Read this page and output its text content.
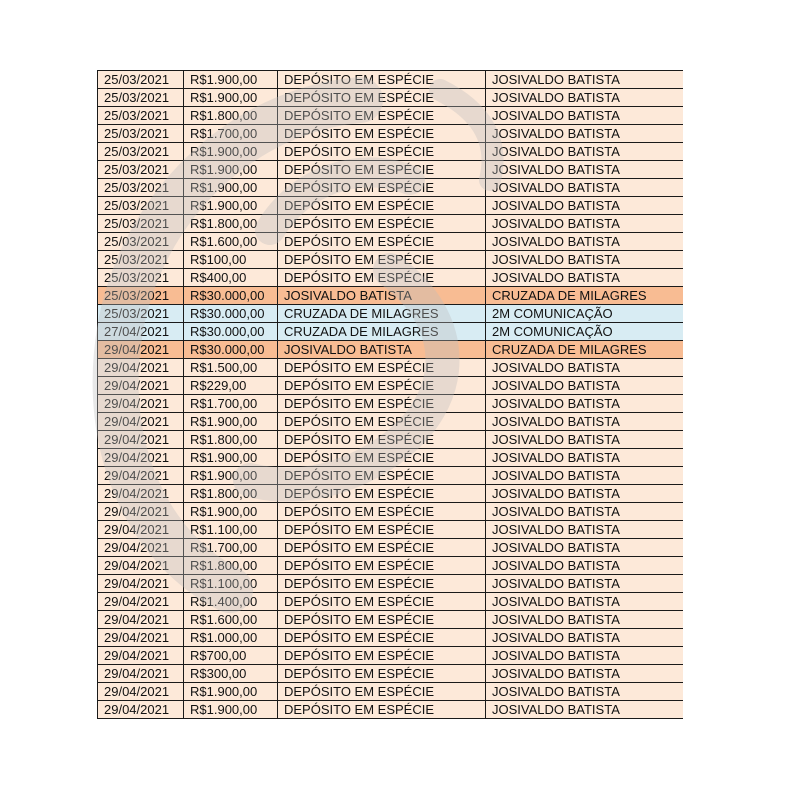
25/03/2021	R$1.900,00	DEPÓSITO EM ESPÉCIE	JOSIVALDO BATISTA
25/03/2021	R$1.900,00	DEPÓSITO EM ESPÉCIE	JOSIVALDO BATISTA
25/03/2021	R$1.800,00	DEPÓSITO EM ESPÉCIE	JOSIVALDO BATISTA
25/03/2021	R$1.700,00	DEPÓSITO EM ESPÉCIE	JOSIVALDO BATISTA
25/03/2021	R$1.900,00	DEPÓSITO EM ESPÉCIE	JOSIVALDO BATISTA
25/03/2021	R$1.900,00	DEPÓSITO EM ESPÉCIE	JOSIVALDO BATISTA
25/03/2021	R$1.900,00	DEPÓSITO EM ESPÉCIE	JOSIVALDO BATISTA
25/03/2021	R$1.900,00	DEPÓSITO EM ESPÉCIE	JOSIVALDO BATISTA
25/03/2021	R$1.800,00	DEPÓSITO EM ESPÉCIE	JOSIVALDO BATISTA
25/03/2021	R$1.600,00	DEPÓSITO EM ESPÉCIE	JOSIVALDO BATISTA
25/03/2021	R$100,00	DEPÓSITO EM ESPÉCIE	JOSIVALDO BATISTA
25/03/2021	R$400,00	DEPÓSITO EM ESPÉCIE	JOSIVALDO BATISTA
25/03/2021	R$30.000,00	JOSIVALDO BATISTA	CRUZADA DE MILAGRES
25/03/2021	R$30.000,00	CRUZADA DE MILAGRES	2M COMUNICAÇÃO
27/04/2021	R$30.000,00	CRUZADA DE MILAGRES	2M COMUNICAÇÃO
29/04/2021	R$30.000,00	JOSIVALDO BATISTA	CRUZADA DE MILAGRES
29/04/2021	R$1.500,00	DEPÓSITO EM ESPÉCIE	JOSIVALDO BATISTA
29/04/2021	R$229,00	DEPÓSITO EM ESPÉCIE	JOSIVALDO BATISTA
29/04/2021	R$1.700,00	DEPÓSITO EM ESPÉCIE	JOSIVALDO BATISTA
29/04/2021	R$1.900,00	DEPÓSITO EM ESPÉCIE	JOSIVALDO BATISTA
29/04/2021	R$1.800,00	DEPÓSITO EM ESPÉCIE	JOSIVALDO BATISTA
29/04/2021	R$1.900,00	DEPÓSITO EM ESPÉCIE	JOSIVALDO BATISTA
29/04/2021	R$1.900,00	DEPÓSITO EM ESPÉCIE	JOSIVALDO BATISTA
29/04/2021	R$1.800,00	DEPÓSITO EM ESPÉCIE	JOSIVALDO BATISTA
29/04/2021	R$1.900,00	DEPÓSITO EM ESPÉCIE	JOSIVALDO BATISTA
29/04/2021	R$1.100,00	DEPÓSITO EM ESPÉCIE	JOSIVALDO BATISTA
29/04/2021	R$1.700,00	DEPÓSITO EM ESPÉCIE	JOSIVALDO BATISTA
29/04/2021	R$1.800,00	DEPÓSITO EM ESPÉCIE	JOSIVALDO BATISTA
29/04/2021	R$1.100,00	DEPÓSITO EM ESPÉCIE	JOSIVALDO BATISTA
29/04/2021	R$1.400,00	DEPÓSITO EM ESPÉCIE	JOSIVALDO BATISTA
29/04/2021	R$1.600,00	DEPÓSITO EM ESPÉCIE	JOSIVALDO BATISTA
29/04/2021	R$1.000,00	DEPÓSITO EM ESPÉCIE	JOSIVALDO BATISTA
29/04/2021	R$700,00	DEPÓSITO EM ESPÉCIE	JOSIVALDO BATISTA
29/04/2021	R$300,00	DEPÓSITO EM ESPÉCIE	JOSIVALDO BATISTA
29/04/2021	R$1.900,00	DEPÓSITO EM ESPÉCIE	JOSIVALDO BATISTA
29/04/2021	R$1.900,00	DEPÓSITO EM ESPÉCIE	JOSIVALDO BATISTA
